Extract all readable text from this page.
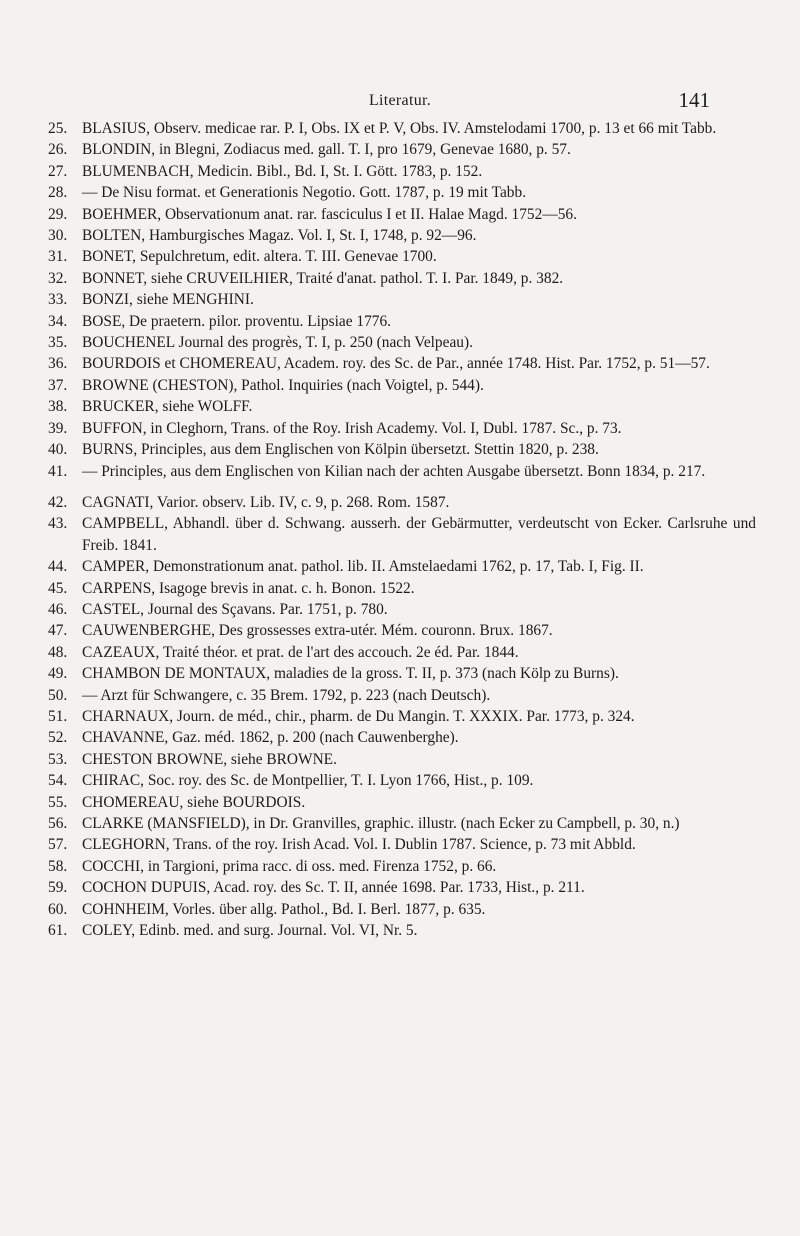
Literatur.	141
25. BLASIUS, Observ. medicae rar. P. I, Obs. IX et P. V, Obs. IV. Amstelodami 1700, p. 13 et 66 mit Tabb.
26. BLONDIN, in Blegni, Zodiacus med. gall. T. I, pro 1679, Genevae 1680, p. 57.
27. BLUMENBACH, Medicin. Bibl., Bd. I, St. I. Gött. 1783, p. 152.
28. — De Nisu format. et Generationis Negotio. Gott. 1787, p. 19 mit Tabb.
29. BOEHMER, Observationum anat. rar. fasciculus I et II. Halae Magd. 1752—56.
30. BOLTEN, Hamburgisches Magaz. Vol. I, St. I, 1748, p. 92—96.
31. BONET, Sepulchretum, edit. altera. T. III. Genevae 1700.
32. BONNET, siehe CRUVEILHIER, Traité d'anat. pathol. T. I. Par. 1849, p. 382.
33. BONZI, siehe MENGHINI.
34. BOSE, De praetern. pilor. proventu. Lipsiae 1776.
35. BOUCHENEL Journal des progrès, T. I, p. 250 (nach Velpeau).
36. BOURDOIS et CHOMEREAU, Academ. roy. des Sc. de Par., année 1748. Hist. Par. 1752, p. 51—57.
37. BROWNE (CHESTON), Pathol. Inquiries (nach Voigtel, p. 544).
38. BRUCKER, siehe WOLFF.
39. BUFFON, in Cleghorn, Trans. of the Roy. Irish Academy. Vol. I, Dubl. 1787. Sc., p. 73.
40. BURNS, Principles, aus dem Englischen von Kölpin übersetzt. Stettin 1820, p. 238.
41. — Principles, aus dem Englischen von Kilian nach der achten Ausgabe übersetzt. Bonn 1834, p. 217.
42. CAGNATI, Varior. observ. Lib. IV, c. 9, p. 268. Rom. 1587.
43. CAMPBELL, Abhandl. über d. Schwang. ausserh. der Gebärmutter, verdeutscht von Ecker. Carlsruhe und Freib. 1841.
44. CAMPER, Demonstrationum anat. pathol. lib. II. Amstelaedami 1762, p. 17, Tab. I, Fig. II.
45. CARPENS, Isagoge brevis in anat. c. h. Bonon. 1522.
46. CASTEL, Journal des Sçavans. Par. 1751, p. 780.
47. CAUWENBERGHE, Des grossesses extra-utér. Mém. couronn. Brux. 1867.
48. CAZEAUX, Traité théor. et prat. de l'art des accouch. 2e éd. Par. 1844.
49. CHAMBON DE MONTAUX, maladies de la gross. T. II, p. 373 (nach Kölp zu Burns).
50. — Arzt für Schwangere, c. 35 Brem. 1792, p. 223 (nach Deutsch).
51. CHARNAUX, Journ. de méd., chir., pharm. de Du Mangin. T. XXXIX. Par. 1773, p. 324.
52. CHAVANNE, Gaz. méd. 1862, p. 200 (nach Cauwenberghe).
53. CHESTON BROWNE, siehe BROWNE.
54. CHIRAC, Soc. roy. des Sc. de Montpellier, T. I. Lyon 1766, Hist., p. 109.
55. CHOMEREAU, siehe BOURDOIS.
56. CLARKE (MANSFIELD), in Dr. Granvilles, graphic. illustr. (nach Ecker zu Campbell, p. 30, n.)
57. CLEGHORN, Trans. of the roy. Irish Acad. Vol. I. Dublin 1787. Science, p. 73 mit Abbld.
58. COCCHI, in Targioni, prima racc. di oss. med. Firenza 1752, p. 66.
59. COCHON DUPUIS, Acad. roy. des Sc. T. II, année 1698. Par. 1733, Hist., p. 211.
60. COHNHEIM, Vorles. über allg. Pathol., Bd. I. Berl. 1877, p. 635.
61. COLEY, Edinb. med. and surg. Journal. Vol. VI, Nr. 5.
